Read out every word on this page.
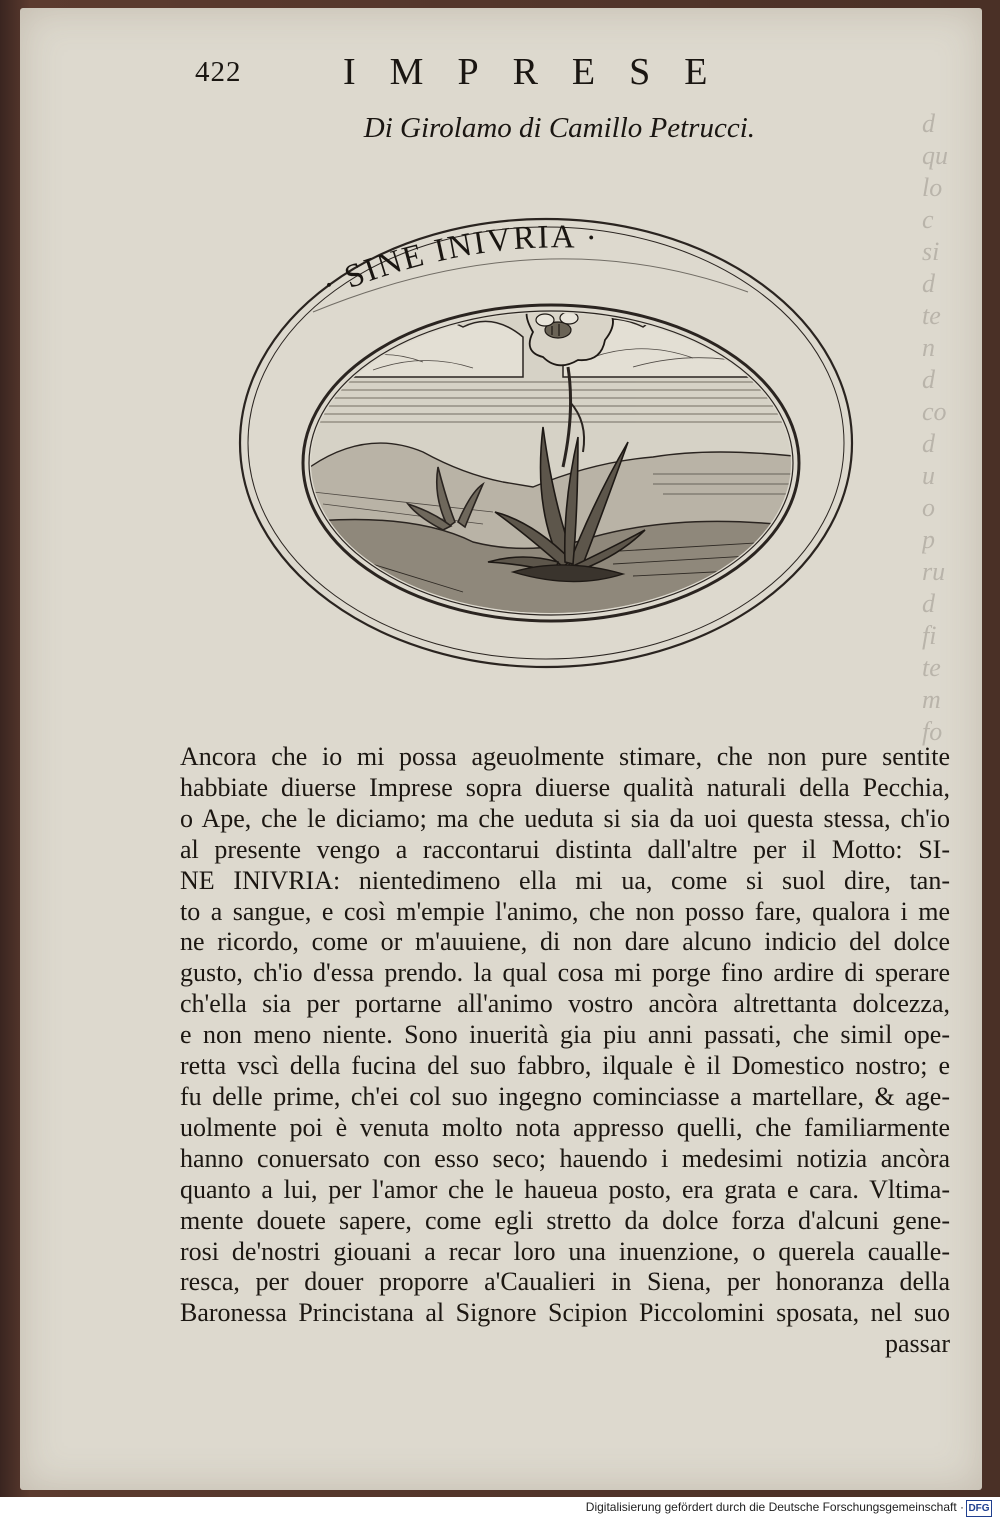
d
qu
lo
c
si
d
te
n
d
co
d
u
o
p
ru
d
fi
te
m
fo
422	IMPRESE
Di Girolamo di Camillo Petrucci.
· SINE INIVRIA ·
Ancora che io mi possa ageuolmente stimare, che non pure sentite
habbiate diuerse Imprese sopra diuerse qualità naturali della Pecchia,
o Ape, che le diciamo; ma che ueduta si sia da uoi questa stessa, ch'io
al presente vengo a raccontarui distinta dall'altre per il Motto: SI-
NE INIVRIA: nientedimeno ella mi ua, come si suol dire, tan-
to a sangue, e così m'empie l'animo, che non posso fare, qualora i me
ne ricordo, come or m'auuiene, di non dare alcuno indicio del dolce
gusto, ch'io d'essa prendo. la qual cosa mi porge fino ardire di sperare
ch'ella sia per portarne all'animo vostro ancòra altrettanta dolcezza,
e non meno niente. Sono inuerità gia piu anni passati, che simil ope-
retta vscì della fucina del suo fabbro, ilquale è il Domestico nostro; e
fu delle prime, ch'ei col suo ingegno cominciasse a martellare, & age-
uolmente poi è venuta molto nota appresso quelli, che familiarmente
hanno conuersato con esso seco; hauendo i medesimi notizia ancòra
quanto a lui, per l'amor che le haueua posto, era grata e cara. Vltima-
mente douete sapere, come egli stretto da dolce forza d'alcuni gene-
rosi de'nostri giouani a recar loro una inuenzione, o querela caualle-
resca, per douer proporre a'Caualieri in Siena, per honoranza della
Baronessa Princistana al Signore Scipion Piccolomini sposata, nel suo
passar
Digitalisierung gefördert durch die Deutsche Forschungsgemeinschaft · DFG
